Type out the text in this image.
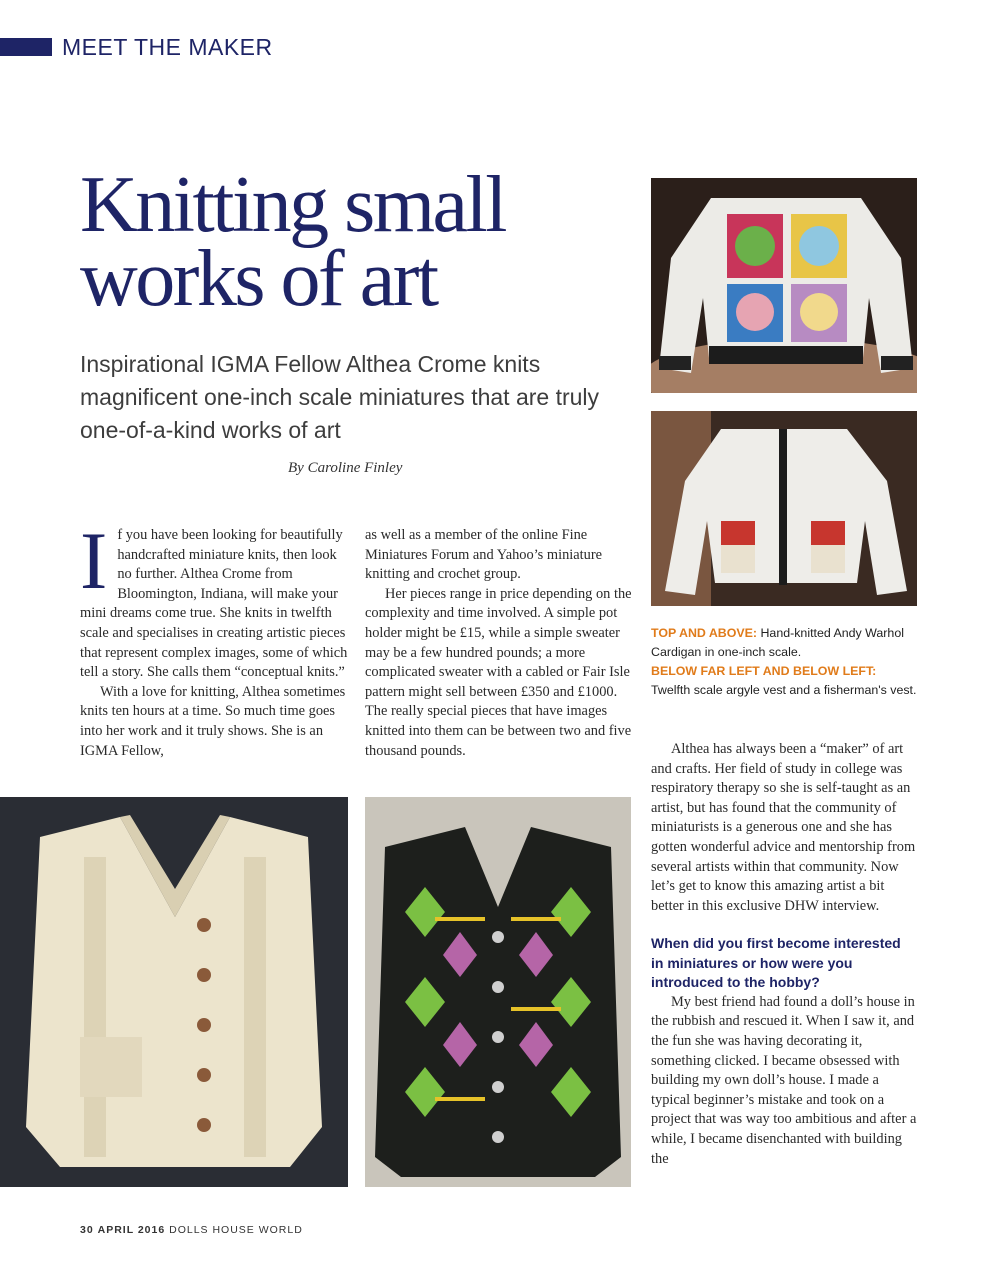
MEET THE MAKER
Knitting small
works of art

Inspirational IGMA Fellow Althea Crome knits magnificent one-inch scale miniatures that are truly one-of-a-kind works of art

By Caroline Finley

If you have been looking for beautifully handcrafted miniature knits, then look no further. Althea Crome from Bloomington, Indiana, will make your mini dreams come true. She knits in twelfth scale and specialises in creating artistic pieces that represent complex images, some of which tell a story. She calls them “conceptual knits.”

With a love for knitting, Althea sometimes knits ten hours at a time. So much time goes into her work and it truly shows. She is an IGMA Fellow,

as well as a member of the online Fine Miniatures Forum and Yahoo’s miniature knitting and crochet group.

Her pieces range in price depending on the complexity and time involved. A simple pot holder might be £15, while a simple sweater may be a few hundred pounds; a more complicated sweater with a cabled or Fair Isle pattern might sell between £350 and £1000. The really special pieces that have images knitted into them can be between two and five thousand pounds.

TOP AND ABOVE: Hand-knitted Andy Warhol Cardigan in one-inch scale.
BELOW FAR LEFT AND BELOW LEFT: Twelfth scale argyle vest and a fisherman's vest.

Althea has always been a “maker” of art and crafts. Her field of study in college was respiratory therapy so she is self-taught as an artist, but has found that the community of miniaturists is a generous one and she has gotten wonderful advice and mentorship from several artists within that community. Now let’s get to know this amazing artist a bit better in this exclusive DHW interview.

When did you first become interested in miniatures or how were you introduced to the hobby?

My best friend had found a doll’s house in the rubbish and rescued it. When I saw it, and the fun she was having decorating it, something clicked. I became obsessed with building my own doll’s house. I made a typical beginner’s mistake and took on a project that was way too ambitious and after a while, I became disenchanted with building the

30 APRIL 2016 DOLLS HOUSE WORLD
